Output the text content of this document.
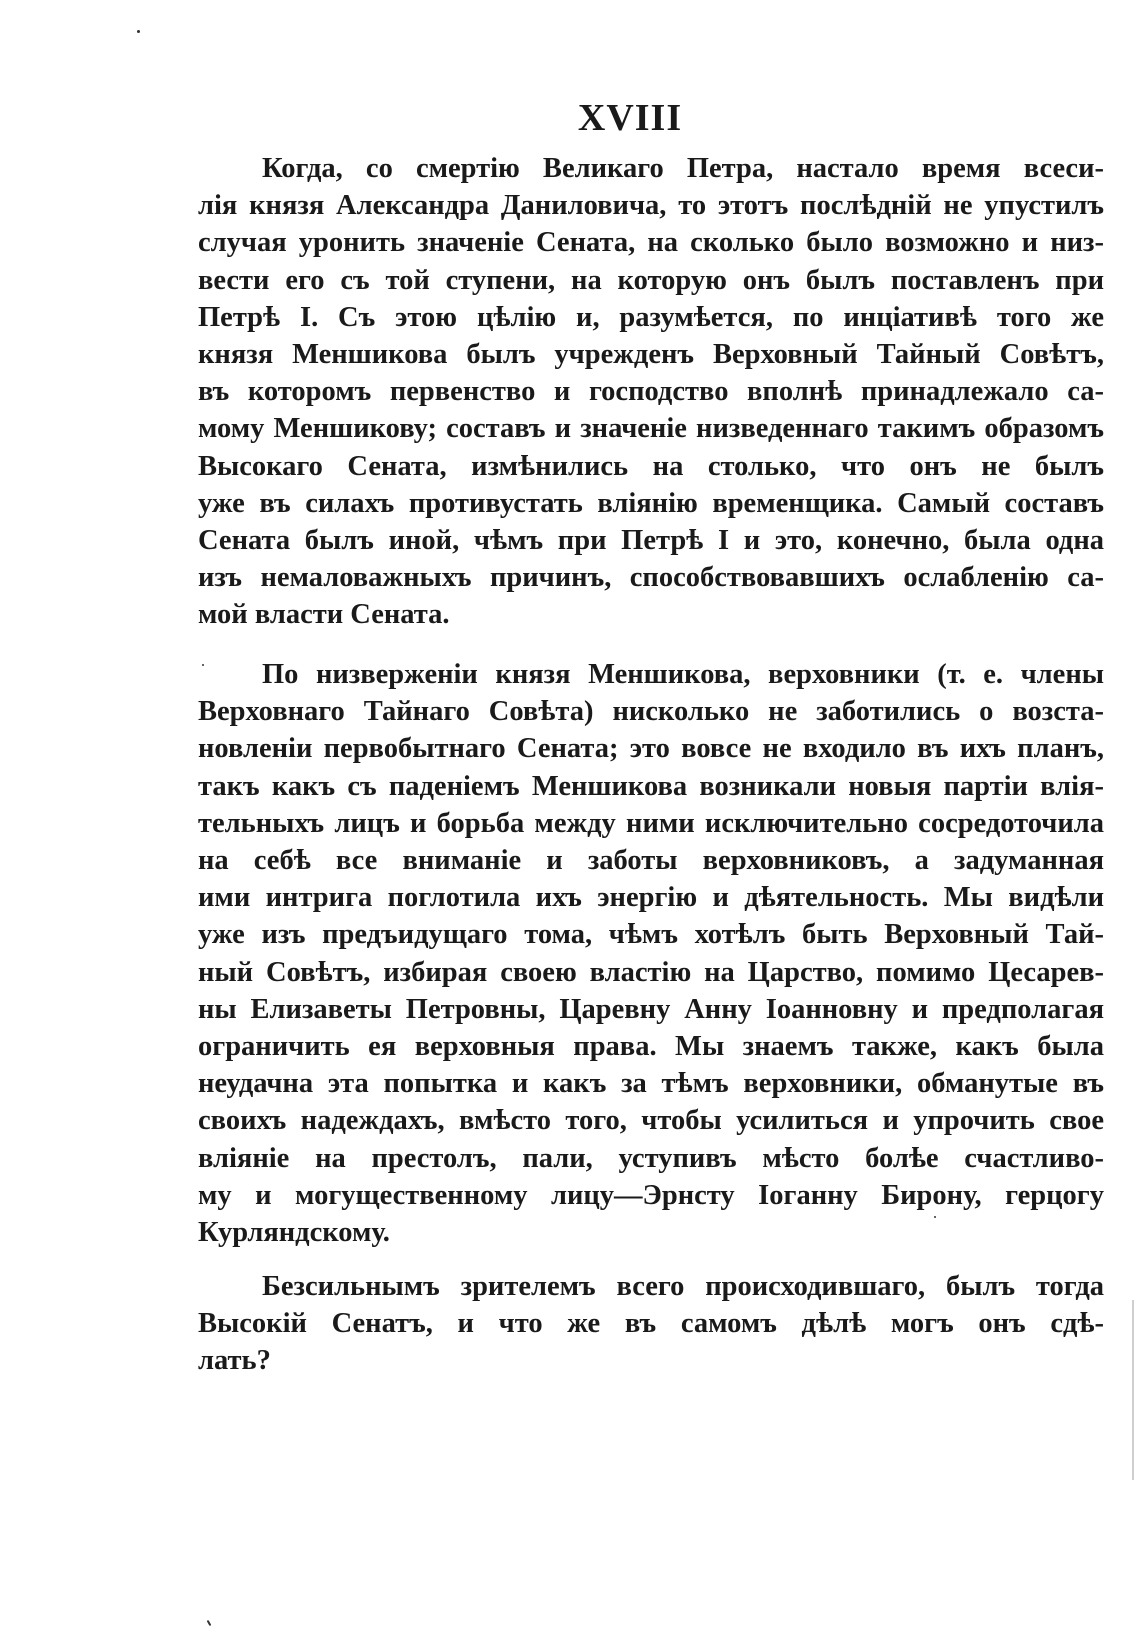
XVIII
Когда, со смертію Великаго Петра, настало время всеси-
лія князя Александра Даниловича, то этотъ послѣдній не упустилъ
случая уронить значеніе Сената, на сколько было возможно и низ-
вести его съ той ступени, на которую онъ былъ поставленъ при
Петрѣ I. Съ этою цѣлію и, разумѣется, по инціативѣ того же
князя Меншикова былъ учрежденъ Верховный Тайный Совѣтъ,
въ которомъ первенство и господство вполнѣ принадлежало са-
мому Меншикову; составъ и значеніе низведеннаго такимъ образомъ
Высокаго Сената, измѣнились на столько, что онъ не былъ
уже въ силахъ противустать вліянію временщика. Самый составъ
Сената былъ иной, чѣмъ при Петрѣ I и это, конечно, была одна
изъ немаловажныхъ причинъ, способствовавшихъ ослабленію са-
мой власти Сената.
По низверженіи князя Меншикова, верховники (т. е. члены
Верховнаго Тайнаго Совѣта) нисколько не заботились о возста-
новленіи первобытнаго Сената; это вовсе не входило въ ихъ планъ,
такъ какъ съ паденіемъ Меншикова возникали новыя партіи влія-
тельныхъ лицъ и борьба между ними исключительно сосредоточила
на себѣ все вниманіе и заботы верховниковъ, а задуманная
ими интрига поглотила ихъ энергію и дѣятельность. Мы видѣли
уже изъ предъидущаго тома, чѣмъ хотѣлъ быть Верховный Тай-
ный Совѣтъ, избирая своею властію на Царство, помимо Цесарев-
ны Елизаветы Петровны, Царевну Анну Іоанновну и предполагая
ограничить ея верховныя права. Мы знаемъ также, какъ была
неудачна эта попытка и какъ за тѣмъ верховники, обманутые въ
своихъ надеждахъ, вмѣсто того, чтобы усилиться и упрочить свое
вліяніе на престолъ, пали, уступивъ мѣсто болѣе счастливо-
му и могущественному лицу—Эрнсту Іоганну Бирону, герцогу
Курляндскому.
Безсильнымъ зрителемъ всего происходившаго, былъ тогда
Высокій Сенатъ, и что же въ самомъ дѣлѣ могъ онъ сдѣ-
лать?
